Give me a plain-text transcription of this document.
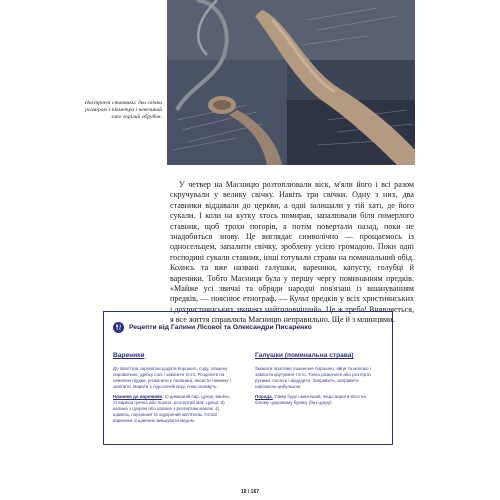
Настроєні ставники: два свічки розміром з півметра і невеликий вже горілий обрубок.

У четвер на Масницю розтоплювали віск, м'яли його і всі разом скручували у велику свічку. Навіть три свічки. Одну з них, два ставники віддавали до церкви, а одні залишали у тій хаті, де його сукали. І коли на кутку хтось помирав, запалювали біля померлого ставник, щоб трохи погорів, а потім повертали назад, поки не знадобиться знову. Це виглядає символічно — прощаємось із односельцем, запалити свічку, зроблену усією громадою. Поки одні господині сукали ставник, інші готували страви на поминальний обід. Колись та вже названі галушки, вареники, капусту, голубці й вареники. Тобто Масниця була у першу чергу поминанням предків. «Майже усі звичаї та обряди народні пов'язані із вшануванням предків, — пояснює етнограф. — Культ предків у всіх християнських і дохристиянських звичаях найголовніший». Це ж треба! Виявляється, я все життя справляла Масницю неправильно. Ще й з млинцями.

Рецепти від Галини Лісової та Олександри Писаренко
Вареники

До півліттра сироватки додати борошно, соду, згашену сироваткою, дрібку солі і замісити тісто. Розділити на невеликі грудки, розкачати у паляниці, вкласти начинку і заліпити. Варити у підсоленій воді, поки спливуть.

Начинки до вареників: 1) домашній сир, цукор, ваніль; 2) варена гречка або пшоно, розтертий мак, цукор; 3) калина з цукром або калина з розтертим маком; 4) щавель, порізаний та оцукрений кип'ятком. Готові вареники зі щавлем змащувати медом.

Галушки (поминальна страва)

Змішати просіяне пшеничне борошно, яйця та молоко і замісити крутувате тісто. Тонко розкачати або розтерти руками, посікти і відцідити. Заправити, заправити нарізаною цибулькою.

Порада. Узвар буде смачніший, якщо варити його на білому цукровому буряку (без цукру).

10 / 167
